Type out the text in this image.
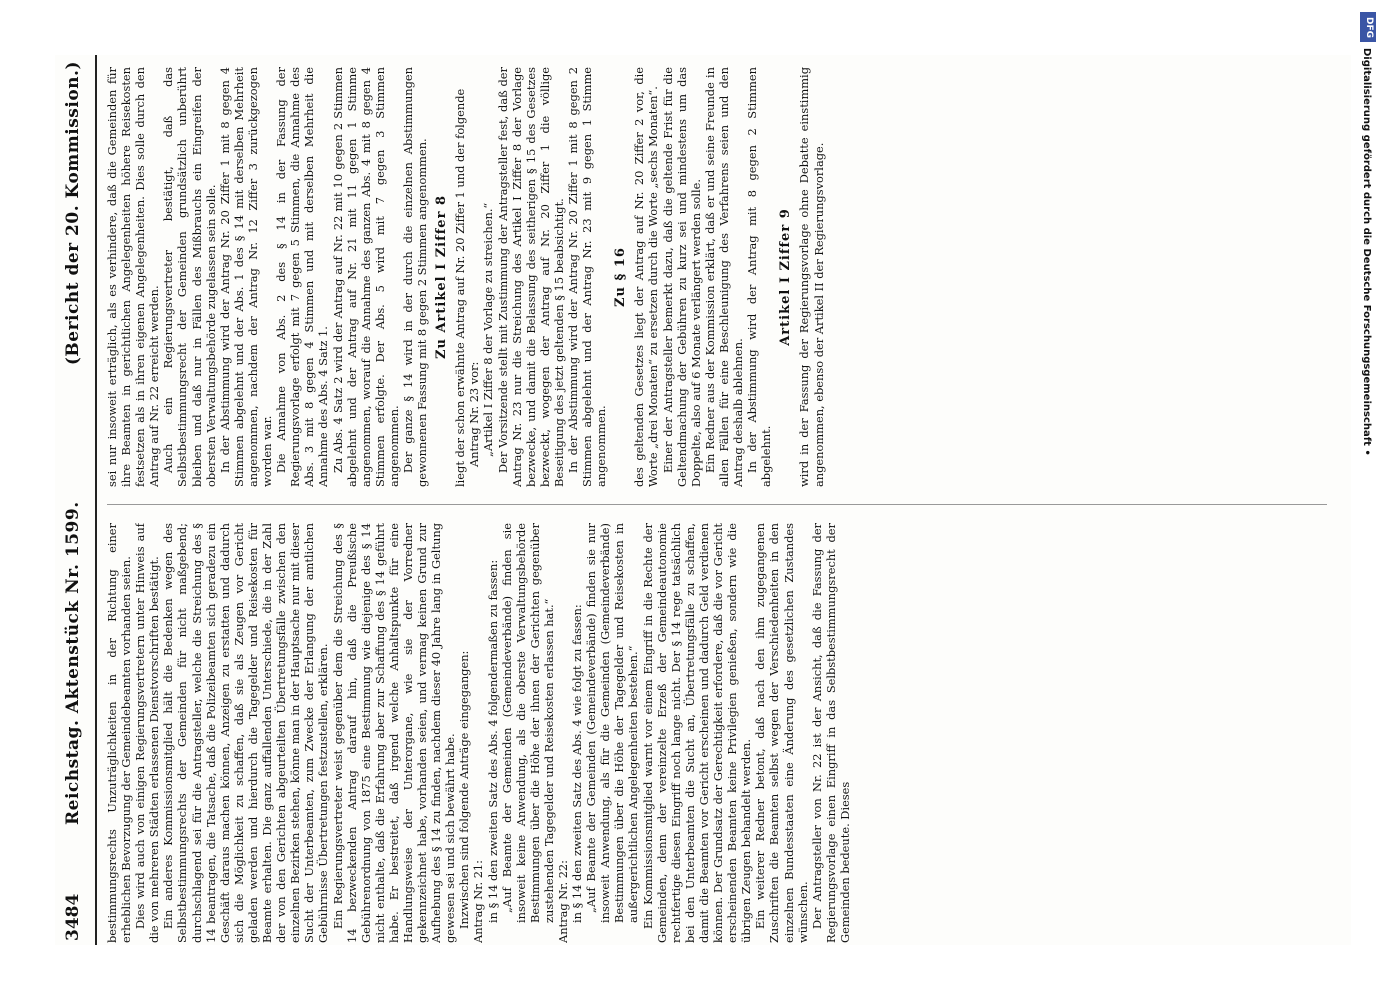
3484
Reichstag. Aktenstück Nr. 1599.
(Bericht der 20. Kommission.)

bestimmungsrechts Unzuträglichkeiten in der Richtung einer erheblichen Bevorzugung der Gemeindebeamten vorhanden seien. Dies wird auch von einigen Regierungsvertretern unter Hinweis auf die von mehreren Städten erlassenen Dienstvorschriften bestätigt. Ein anderes Kommissionsmitglied hält die Bedenken wegen des Selbstbestimmungsrechts der Gemeinden für nicht maßgebend; durchschlagend sei für die Antragsteller, welche die Streichung des § 14 beantragen, die Tatsache, daß die Polizeibeamten sich geradezu ein Geschäft daraus machen können, Anzeigen zu erstatten und dadurch sich die Möglichkeit zu schaffen, daß sie als Zeugen vor Gericht geladen werden und hierdurch die Tagegelder und Reisekosten für Beamte erhalten. Die ganz auffallenden Unterschiede, die in der Zahl der von den Gerichten abgeurteilten Übertretungsfälle zwischen den einzelnen Bezirken stehen, könne man in der Hauptsache nur mit dieser Sucht der Unterbeamten, zum Zwecke der Erlangung der amtlichen Gebührnisse Übertretungen festzustellen, erklären. Ein Regierungsvertreter weist gegenüber dem die Streichung des § 14 bezweckenden Antrag darauf hin, daß die Preußische Gebührenordnung von 1875 eine Bestimmung wie diejenige des § 14 nicht enthalte, daß die Erfahrung aber zur Schaffung des § 14 geführt habe. Er bestreitet, daß irgend welche Anhaltspunkte für eine Handlungsweise der Unterorgane, wie sie der Vorredner gekennzeichnet habe, vorhanden seien, und vermag keinen Grund zur Aufhebung des § 14 zu finden, nachdem dieser 40 Jahre lang in Geltung gewesen sei und sich bewährt habe. Inzwischen sind folgende Anträge eingegangen: Antrag Nr. 21: in § 14 den zweiten Satz des Abs. 4 folgendermaßen zu fassen: „Auf Beamte der Gemeinden (Gemeindeverbände) finden sie insoweit keine Anwendung, als die oberste Verwaltungsbehörde Bestimmungen über die Höhe der ihnen der Gerichten gegenüber zustehenden Tagegelder und Reisekosten erlassen hat.“ Antrag Nr. 22: in § 14 den zweiten Satz des Abs. 4 wie folgt zu fassen: „Auf Beamte der Gemeinden (Gemeindeverbände) finden sie nur insoweit Anwendung, als für die Gemeinden (Gemeindeverbände) Bestimmungen über die Höhe der Tagegelder und Reisekosten in außergerichtlichen Angelegenheiten bestehen.“ Ein Kommissionsmitglied warnt vor einem Eingriff in die Rechte der Gemeinden, denn der vereinzelte Erzeß der Gemeindeautonomie rechtfertige diesen Eingriff noch lange nicht. Der § 14 rege tatsächlich bei den Unterbeamten die Sucht an, Übertretungsfälle zu schaffen, damit die Beamten vor Gericht erscheinen und dadurch Geld verdienen können. Der Grundsatz der Gerechtigkeit erfordere, daß die vor Gericht erscheinenden Beamten keine Privilegien genießen, sondern wie die übrigen Zeugen behandelt werden. Ein weiterer Redner betont, daß nach den ihm zugegangenen Zuschriften die Beamten selbst wegen der Verschiedenheiten in den einzelnen Bundesstaaten eine Änderung des gesetzlichen Zustandes wünschen. Der Antragsteller von Nr. 22 ist der Ansicht, daß die Fassung der Regierungsvorlage einen Eingriff in das Selbstbestimmungsrecht der Gemeinden bedeute. Dieses

sei nur insoweit erträglich, als es verhindere, daß die Gemeinden für ihre Beamten in gerichtlichen Angelegenheiten höhere Reisekosten festsetzen als in ihren eigenen Angelegenheiten. Dies solle durch den Antrag auf Nr. 22 erreicht werden. Auch ein Regierungsvertreter bestätigt, daß das Selbstbestimmungsrecht der Gemeinden grundsätzlich unberührt bleiben und daß nur in Fällen des Mißbrauchs ein Eingreifen der obersten Verwaltungsbehörde zugelassen sein solle. In der Abstimmung wird der Antrag Nr. 20 Ziffer 1 mit 8 gegen 4 Stimmen abgelehnt und der Abs. 1 des § 14 mit derselben Mehrheit angenommen, nachdem der Antrag Nr. 12 Ziffer 3 zurückgezogen worden war. Die Annahme von Abs. 2 des § 14 in der Fassung der Regierungsvorlage erfolgt mit 7 gegen 5 Stimmen, die Annahme des Abs. 3 mit 8 gegen 4 Stimmen und mit derselben Mehrheit die Annahme des Abs. 4 Satz 1. Zu Abs. 4 Satz 2 wird der Antrag auf Nr. 22 mit 10 gegen 2 Stimmen abgelehnt und der Antrag auf Nr. 21 mit 11 gegen 1 Stimme angenommen, worauf die Annahme des ganzen Abs. 4 mit 8 gegen 4 Stimmen erfolgte. Der Abs. 5 wird mit 7 gegen 3 Stimmen angenommen. Der ganze § 14 wird in der durch die einzelnen Abstimmungen gewonnenen Fassung mit 8 gegen 2 Stimmen angenommen. Zu Artikel I Ziffer 8 liegt der schon erwähnte Antrag auf Nr. 20 Ziffer 1 und der folgende Antrag Nr. 23 vor: „Artikel I Ziffer 8 der Vorlage zu streichen.“ Der Vorsitzende stellt mit Zustimmung der Antragsteller fest, daß der Antrag Nr. 23 nur die Streichung des Artikel I Ziffer 8 der Vorlage bezwecke, und damit die Belassung des seitherigen § 15 des Gesetzes bezweckt, wogegen der Antrag auf Nr. 20 Ziffer 1 die völlige Beseitigung des jetzt geltenden § 15 beabsichtigt. In der Abstimmung wird der Antrag Nr. 20 Ziffer 1 mit 8 gegen 2 Stimmen abgelehnt und der Antrag Nr. 23 mit 9 gegen 1 Stimme angenommen.

Zu § 16 des geltenden Gesetzes liegt der Antrag auf Nr. 20 Ziffer 2 vor, die Worte „drei Monaten“ zu ersetzen durch die Worte „sechs Monaten“. Einer der Antragsteller bemerkt dazu, daß die geltende Frist für die Geltendmachung der Gebühren zu kurz sei und mindestens um das Doppelte, also auf 6 Monate verlängert werden solle. Ein Redner aus der Kommission erklärt, daß er und seine Freunde in allen Fällen für eine Beschleunigung des Verfahrens seien und den Antrag deshalb ablehnen. In der Abstimmung wird der Antrag mit 8 gegen 2 Stimmen abgelehnt.

Artikel I Ziffer 9 wird in der Fassung der Regierungsvorlage ohne Debatte einstimmig angenommen, ebenso der Artikel II der Regierungsvorlage.

DFG
Digitalisierung gefördert durch die Deutsche Forschungsgemeinschaft •
